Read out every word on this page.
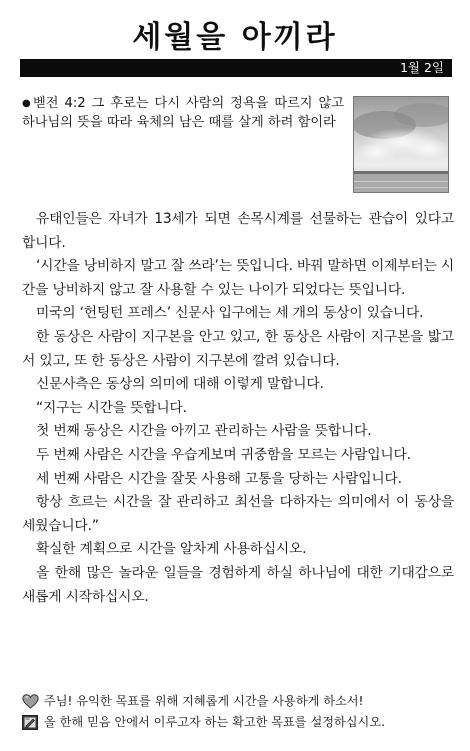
세월을 아끼라
1월 2일
● 벧전 4:2 그 후로는 다시 사람의 정욕을 따르지 않고 하나님의 뜻을 따라 육체의 남은 때를 살게 하려 함이라

유태인들은 자녀가 13세가 되면 손목시계를 선물하는 관습이 있다고 합니다.

‘시간을 낭비하지 말고 잘 쓰라’는 뜻입니다. 바꿔 말하면 이제부터는 시간을 낭비하지 않고 잘 사용할 수 있는 나이가 되었다는 뜻입니다.

미국의 ‘헌팅턴 프레스’ 신문사 입구에는 세 개의 동상이 있습니다.

한 동상은 사람이 지구본을 안고 있고, 한 동상은 사람이 지구본을 밟고 서 있고, 또 한 동상은 사람이 지구본에 깔려 있습니다.

신문사측은 동상의 의미에 대해 이렇게 말합니다.

“지구는 시간을 뜻합니다.

첫 번째 동상은 시간을 아끼고 관리하는 사람을 뜻합니다.

두 번째 사람은 시간을 우습게보며 귀중함을 모르는 사람입니다.

세 번째 사람은 시간을 잘못 사용해 고통을 당하는 사람입니다.

항상 흐르는 시간을 잘 관리하고 최선을 다하자는 의미에서 이 동상을 세웠습니다.”

확실한 계획으로 시간을 알차게 사용하십시오.

올 한해 많은 놀라운 일들을 경험하게 하실 하나님에 대한 기대감으로 새롭게 시작하십시오.

주님! 유익한 목표를 위해 지혜롭게 시간을 사용하게 하소서!
올 한해 믿음 안에서 이루고자 하는 확고한 목표를 설정하십시오.
